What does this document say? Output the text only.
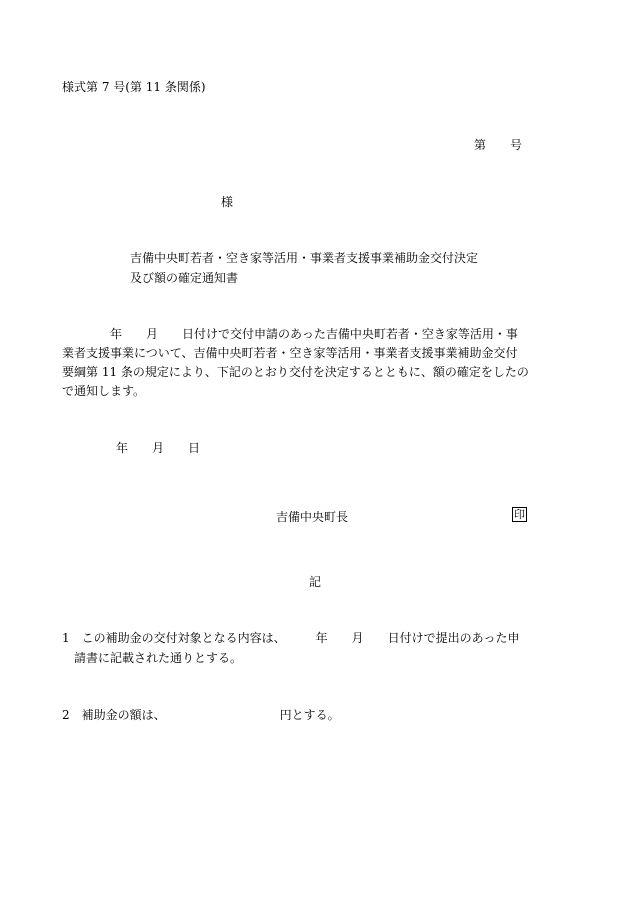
様式第 7 号(第 11 条関係)
第　　号
様
吉備中央町若者・空き家等活用・事業者支援事業補助金交付決定
及び額の確定通知書
　　　　年　　月　　日付けで交付申請のあった吉備中央町若者・空き家等活用・事
業者支援事業について、吉備中央町若者・空き家等活用・事業者支援事業補助金交付
要綱第 11 条の規定により、下記のとおり交付を決定するとともに、額の確定をしたの
で通知します。
年　　月　　日
吉備中央町長	印
記
1　この補助金の交付対象となる内容は、　　　年　　月　　日付けで提出のあった申
請書に記載された通りとする。
2　補助金の額は、　　　　　　　　　　円とする。
